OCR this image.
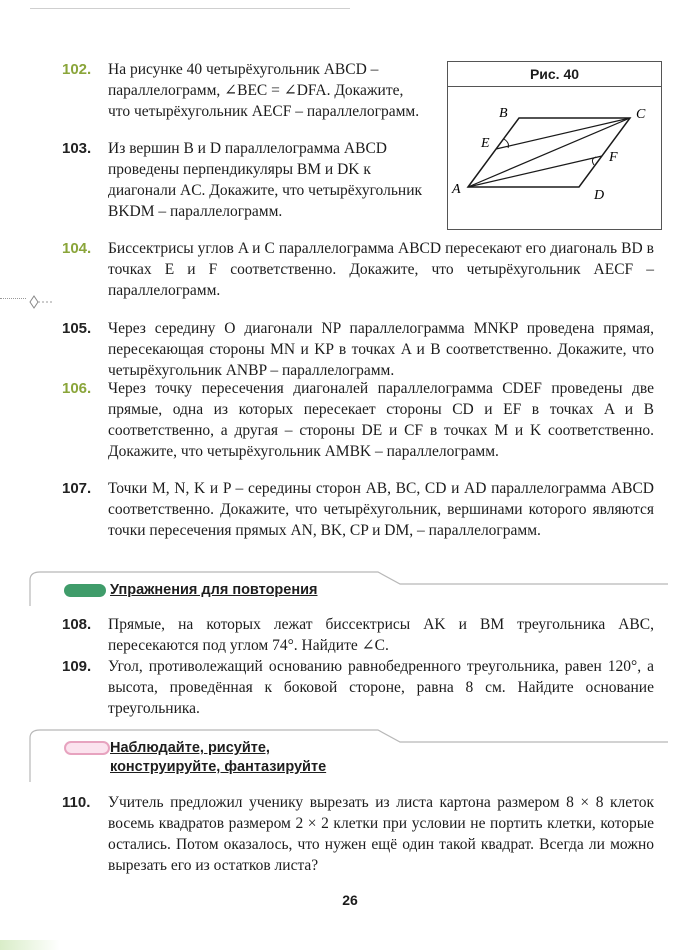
102.	На рисунке 40 четырёхугольник ABCD – параллелограмм, ∠BEC = ∠DFA. Докажите, что четырёхугольник AECF – параллелограмм.
103.	Из вершин B и D параллелограмма ABCD проведены перпендикуляры BM и DK к диагонали AC. Докажите, что четырёхугольник BKDM – параллелограмм.
Рис. 40
B	C
E
F
A	D
104.	Биссектрисы углов A и C параллелограмма ABCD пересекают его диагональ BD в точках E и F соответственно. Докажите, что четырёхугольник AECF – параллелограмм.
105.	Через середину O диагонали NP параллелограмма MNKP проведена прямая, пересекающая стороны MN и KP в точках A и B соответственно. Докажите, что четырёхугольник ANBP – параллелограмм.
106.	Через точку пересечения диагоналей параллелограмма CDEF проведены две прямые, одна из которых пересекает стороны CD и EF в точках A и B соответственно, а другая – стороны DE и CF в точках M и K соответственно. Докажите, что четырёхугольник AMBK – параллелограмм.
107.	Точки M, N, K и P – середины сторон AB, BC, CD и AD параллелограмма ABCD соответственно. Докажите, что четырёхугольник, вершинами которого являются точки пересечения прямых AN, BK, CP и DM, – параллелограмм.
Упражнения для повторения
108.	Прямые, на которых лежат биссектрисы AK и BM треугольника ABC, пересекаются под углом 74°. Найдите ∠C.
109.	Угол, противолежащий основанию равнобедренного треугольника, равен 120°, а высота, проведённая к боковой стороне, равна 8 см. Найдите основание треугольника.
Наблюдайте, рисуйте,
конструируйте, фантазируйте
110.	Учитель предложил ученику вырезать из листа картона размером 8 × 8 клеток восемь квадратов размером 2 × 2 клетки при условии не портить клетки, которые остались. Потом оказалось, что нужен ещё один такой квадрат. Всегда ли можно вырезать его из остатков листа?
26
